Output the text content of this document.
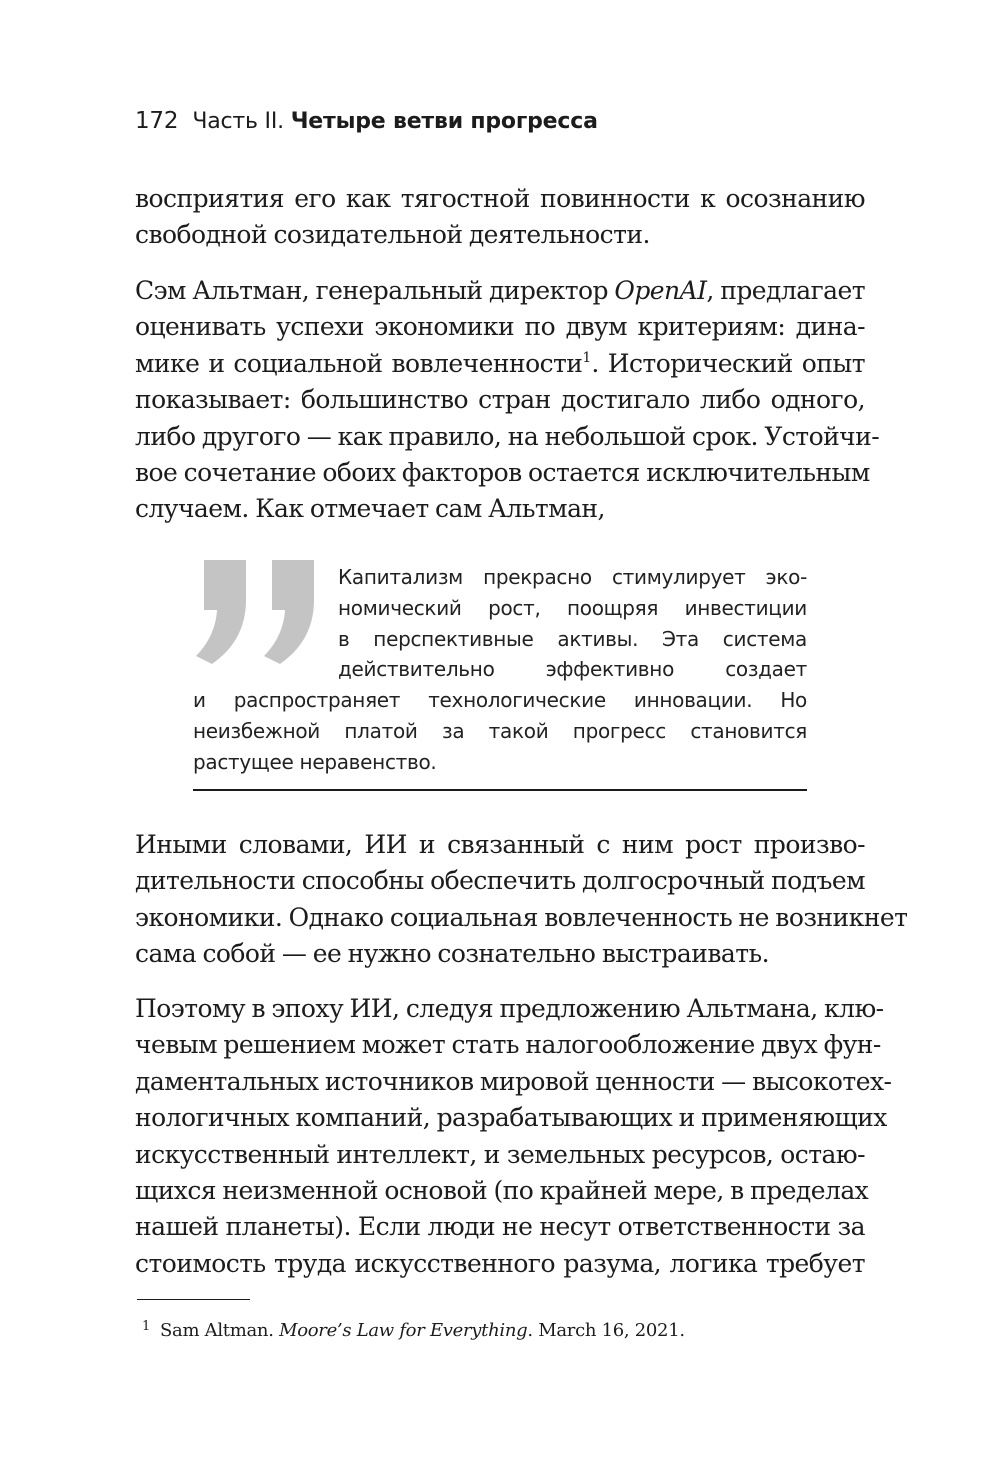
172 Часть II. Четыре ветви прогресса
восприятия его как тягостной повинности к осознанию
свободной созидательной деятельности.
Сэм Альтман, генеральный директор OpenAI, предлагает
оценивать успехи экономики по двум критериям: дина-
мике и социальной вовлеченности$^1$. Исторический опыт
показывает: большинство стран достигало либо одного,
либо другого — как правило, на небольшой срок. Устойчи-
вое сочетание обоих факторов остается исключительным
случаем. Как отмечает сам Альтман,
Капитализм прекрасно стимулирует эко-
номический рост, поощряя инвестиции
в перспективные активы. Эта система
действительно эффективно создает
и распространяет технологические инновации. Но
неизбежной платой за такой прогресс становится
растущее неравенство.
Иными словами, ИИ и связанный с ним рост произво-
дительности способны обеспечить долгосрочный подъем
экономики. Однако социальная вовлеченность не возникнет
сама собой — ее нужно сознательно выстраивать.
Поэтому в эпоху ИИ, следуя предложению Альтмана, клю-
чевым решением может стать налогообложение двух фун-
даментальных источников мировой ценности — высокотех-
нологичных компаний, разрабатывающих и применяющих
искусственный интеллект, и земельных ресурсов, остаю-
щихся неизменной основой (по крайней мере, в пределах
нашей планеты). Если люди не несут ответственности за
стоимость труда искусственного разума, логика требует
$^1$ Sam Altman. Moore’s Law for Everything. March 16, 2021.
